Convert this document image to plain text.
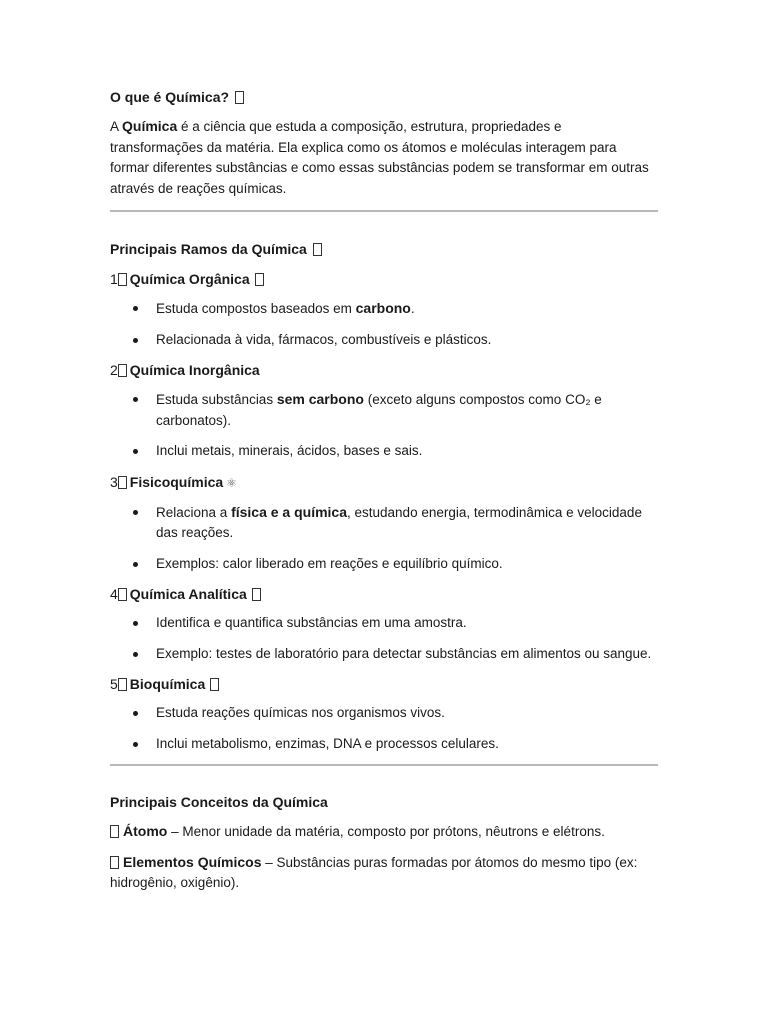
O que é Química?

A Química é a ciência que estuda a composição, estrutura, propriedades e transformações da matéria. Ela explica como os átomos e moléculas interagem para formar diferentes substâncias e como essas substâncias podem se transformar em outras através de reações químicas.

Principais Ramos da Química
1 Química Orgânica
Estuda compostos baseados em carbono.
Relacionada à vida, fármacos, combustíveis e plásticos.
2 Química Inorgânica
Estuda substâncias sem carbono (exceto alguns compostos como CO₂ e carbonatos).
Inclui metais, minerais, ácidos, bases e sais.
3 Fisicoquímica ⚛
Relaciona a física e a química, estudando energia, termodinâmica e velocidade das reações.
Exemplos: calor liberado em reações e equilíbrio químico.
4 Química Analítica
Identifica e quantifica substâncias em uma amostra.
Exemplo: testes de laboratório para detectar substâncias em alimentos ou sangue.
5 Bioquímica
Estuda reações químicas nos organismos vivos.
Inclui metabolismo, enzimas, DNA e processos celulares.
Principais Conceitos da Química

Átomo – Menor unidade da matéria, composto por prótons, nêutrons e elétrons.

Elementos Químicos – Substâncias puras formadas por átomos do mesmo tipo (ex: hidrogênio, oxigênio).
